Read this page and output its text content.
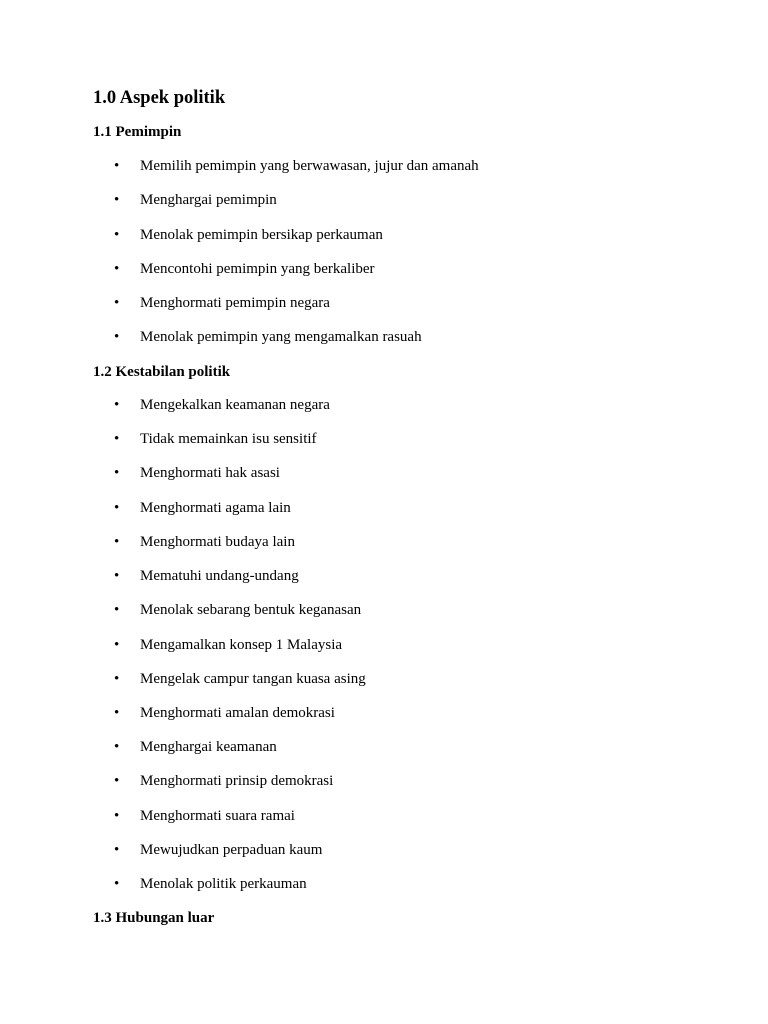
1.0 Aspek politik
1.1 Pemimpin
• Memilih pemimpin yang berwawasan, jujur dan amanah
• Menghargai pemimpin
• Menolak pemimpin bersikap perkauman
• Mencontohi pemimpin yang berkaliber
• Menghormati pemimpin negara
• Menolak pemimpin yang mengamalkan rasuah
1.2 Kestabilan politik
• Mengekalkan keamanan negara
• Tidak memainkan isu sensitif
• Menghormati hak asasi
• Menghormati agama lain
• Menghormati budaya lain
• Mematuhi undang-undang
• Menolak sebarang bentuk keganasan
• Mengamalkan konsep 1 Malaysia
• Mengelak campur tangan kuasa asing
• Menghormati amalan demokrasi
• Menghargai keamanan
• Menghormati prinsip demokrasi
• Menghormati suara ramai
• Mewujudkan perpaduan kaum
• Menolak politik perkauman
1.3 Hubungan luar
